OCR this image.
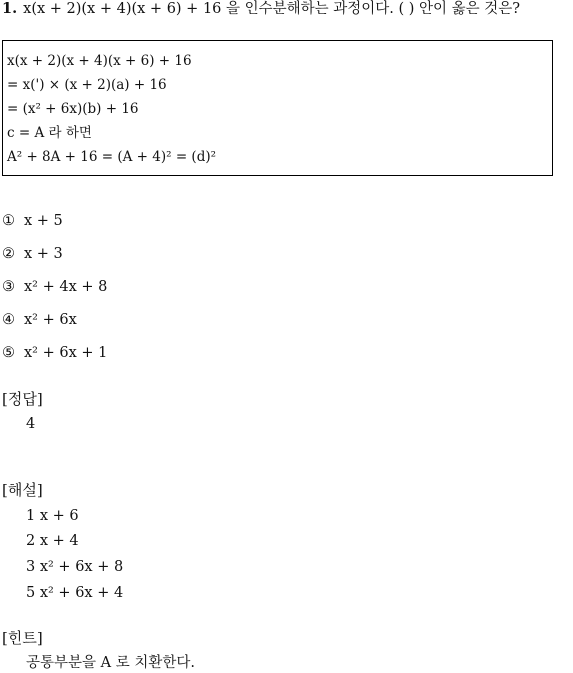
1. x(x + 2)(x + 4)(x + 6) + 16 을 인수분해하는 과정이다. ( ) 안이 옳은 것은?
x(x + 2)(x + 4)(x + 6) + 16
= x(') × (x + 2)(a) + 16
= (x² + 6x)(b) + 16
c = A 라 하면
A² + 8A + 16 = (A + 4)² = (d)²
① x + 5
② x + 3
③ x² + 4x + 8
④ x² + 6x
⑤ x² + 6x + 1
[정답]
4
[해설]
1 x + 6
2 x + 4
3 x² + 6x + 8
5 x² + 6x + 4
[힌트]
공통부분을 A 로 치환한다.
